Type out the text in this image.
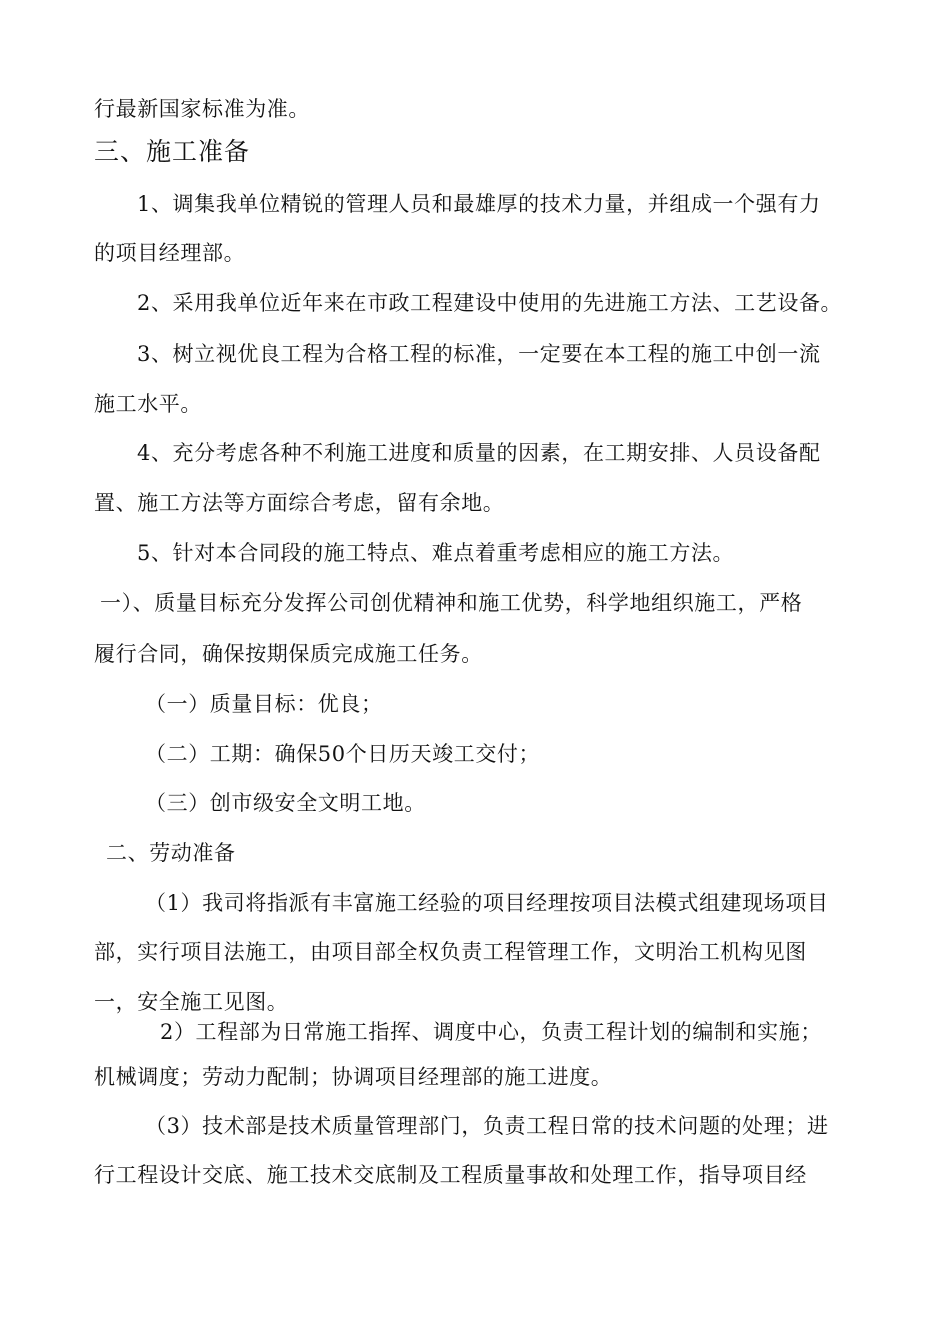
行最新国家标准为准。
三、施工准备
1、调集我单位精锐的管理人员和最雄厚的技术力量，并组成一个强有力
的项目经理部。
2、采用我单位近年来在市政工程建设中使用的先进施工方法、工艺设备。
3、树立视优良工程为合格工程的标准，一定要在本工程的施工中创一流
施工水平。
4、充分考虑各种不利施工进度和质量的因素，在工期安排、人员设备配
置、施工方法等方面综合考虑，留有余地。
5、针对本合同段的施工特点、难点着重考虑相应的施工方法。
一）、质量目标充分发挥公司创优精神和施工优势，科学地组织施工，严格
履行合同，确保按期保质完成施工任务。
（一）质量目标：优良；
（二）工期：确保50个日历天竣工交付；
（三）创市级安全文明工地。
二、劳动准备
（1）我司将指派有丰富施工经验的项目经理按项目法模式组建现场项目
部，实行项目法施工，由项目部全权负责工程管理工作，文明治工机构见图
一，安全施工见图。
2）工程部为日常施工指挥、调度中心，负责工程计划的编制和实施；
机械调度；劳动力配制；协调项目经理部的施工进度。
（3）技术部是技术质量管理部门，负责工程日常的技术问题的处理；进
行工程设计交底、施工技术交底制及工程质量事故和处理工作，指导项目经
